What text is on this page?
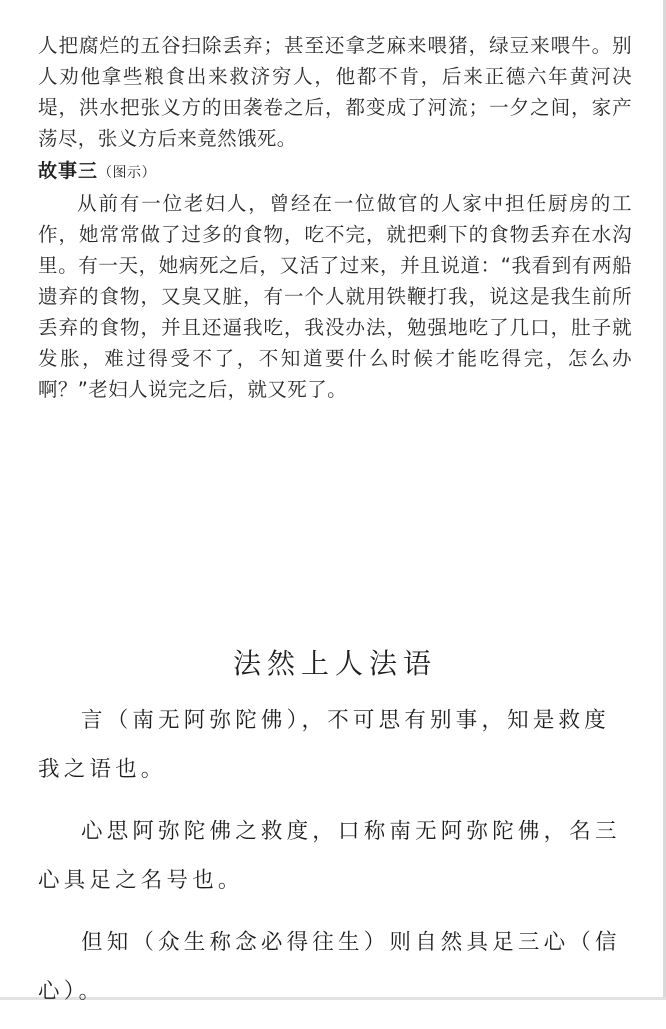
人把腐烂的五谷扫除丢弃；甚至还拿芝麻来喂猪，绿豆来喂牛。别人劝他拿些粮食出来救济穷人，他都不肯，后来正德六年黄河决堤，洪水把张义方的田袭卷之后，都变成了河流；一夕之间，家产荡尽，张义方后来竟然饿死。

故事三（图示）

从前有一位老妇人，曾经在一位做官的人家中担任厨房的工作，她常常做了过多的食物，吃不完，就把剩下的食物丢弃在水沟里。有一天，她病死之后，又活了过来，并且说道：“我看到有两船遗弃的食物，又臭又脏，有一个人就用铁鞭打我，说这是我生前所丢弃的食物，并且还逼我吃，我没办法，勉强地吃了几口，肚子就发胀，难过得受不了，不知道要什么时候才能吃得完，怎么办啊？”老妇人说完之后，就又死了。

法然上人法语

言（南无阿弥陀佛），不可思有别事，知是救度我之语也。

心思阿弥陀佛之救度，口称南无阿弥陀佛，名三心具足之名号也。

但知（众生称念必得往生）则自然具足三心（信心）。
